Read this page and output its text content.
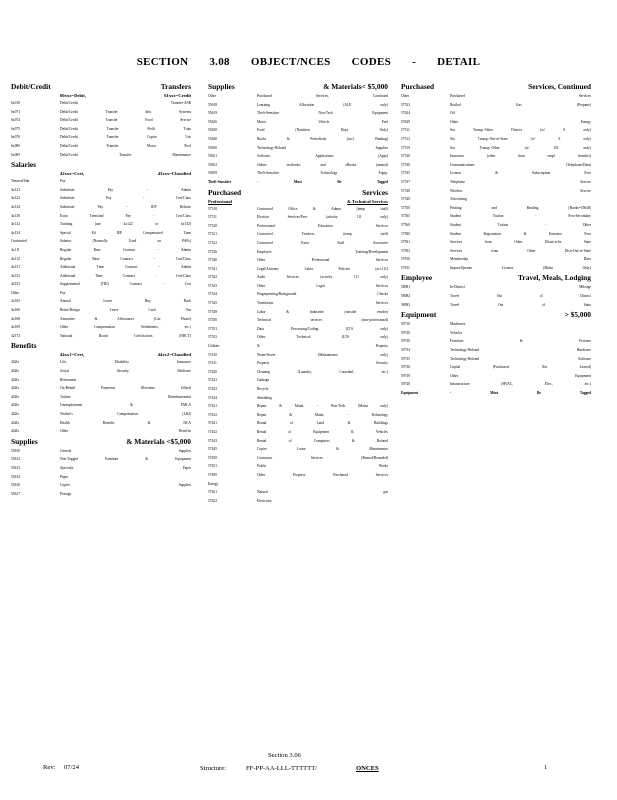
SECTION 3.08 OBJECT/NCES CODES - DETAIL
Debit/Credit	Transfers
60xxx=Debit,	61xxx=Credit
6x010	Debit/Credit	Transfer-ASB
6x071	Debit/Credit	Transfer	Info	Systems
6x074	Debit/Credit	Transfer	Food	Service
6x075	Debit/Credit	Transfer	Field	Trips
6x076	Debit/Credit	Transfer	Copier	Use
6x080	Debit/Credit	Transfer	Motor	Pool
6x085	Debit/Credit	Transfer	Maintenance
Salaries
42xxx=Cert,	43xxx=Classified
Tenured/Sub	Pay
4x121	Substitute	Pay	-	Admin
4x122	Substitute	Pay	-	Cert/Class
4x124	Substitute	Pay	-	IEP	Release
4x130	Extra	Term/and	Pay	-	Cert/Class
4x132	Training	(use	4x122	or	4x132)
4x134	Special	Ed	IEP	Compensated	Time
Contracted	Salaries	(Normally	Used	on	PAFs)
4x111	Regular	Base	Contract	-	Admin
4x112	Regular	Base	Contract	-	Cert/Class
4x151	Additional	Time	Contract	-	Admin
4x152	Additional	Time	Contract	-	Cert/Class
42153	Supplemental	(TRI)	Contract	-	Cert
Other	Pay
4x165	Annual	Leave	Buy	Back
4x166	Retire/Resign	Leave	Cash	Out
4x168	Amenities	&	Allowances	(Car,	Phone)
4x169	Other	Compensation	Settlements,	etc.)
42172	National	Board	Certification	(NBCT)
Benefits
44xx1=Cert,	44xx2=Classified
442lx	Life,	Disability	Insurance
442lx	Social	Security,	Medicare
442lx	Retirement
442lx	On-Behalf	Payments	(Revenue	Offset)
442lx	Tuition	Reimbursement
442lx	Unemployment	&	FMLA
442lx	Worker's	Compensation	(L&I)
442lx	Health	Benefits	&	HCA
442lx	Other	Benefits
Supplies	& Materials <$5,000
55610	General	Supplies
55612	Non-Tagged	Furniture	&	Equipment
55613	Specialty	Paper
55614	Paper
55616	Copier	Supplies
55617	Postage
Supplies	& Materials< $5,000
Other	Purchased	Services,	Continued
55618	Learning	Allocation	(ALE	only)
55619	Theft-Sensitive	Non-Tech	Equipment
55626	Motor	Vehicle	Fuel
55630	Food	(Nutrition	Dept.	Only)
55640	Books	&	Periodicals	(incl.	Binding)
55650	Technology-Related	Supplies
55651	Software,	Applications	(Apps)
55652	Online	textbooks	and	eBooks	(annual)
55659	Theft-Sensitive	Technology	Equip.
Theft-Sensitive	-	Must	Be	Tagged
Purchased	Services
Professional	& Technical Services
57310	Contracted	Office	&	Admin	(temp	staff)
57311	Election	Services/Fees	(activity	111	only)
57320	Professional	Education	Services
57321	Contracted	Teachers	(temp	staff)
57322	Contracted	Extra	Staff	Associates
57326	Employee	Training/Development
57340	Other	Professional	Services
57341	Legal/Attorney	Labor	Policies	(act.111)
57342	Audit	Services	(activity	111	only)
57343	Other	Legal	Services
57344	Fingerprinting/Background	Checks
57345	Translation	Services
57349	Labor	&	Industries	(outside	vendor)
57350	Technical	services	(non-professional)
57351	Data	Processing/Coding	(LTS	only)
57352	Other	Technical	(LTS	only)
Utilities	&	Property
57410	Water/Sewer	(Maintenance	only)
57411	Property	Security
57420	Cleaning	(Laundry,	Custodial,	etc.)
57421	Garbage
57423	Recycle
57424	Shredding
57431	Repair	&	Maint.	-	Non-Tech	(Maint	only)
57432	Repair	&	Maint.	-	Technology
57441	Rental	of	Land	&	Buildings
57442	Rental	of	Equipment	&	Vehicles
57443	Rental	of	Computers	&	Related
57445	Copier	Lease	&	Maintenance
57450	Contractor	Services	(Remod/Remodel)
57451	Public	Works
57490	Other	Property	Purchased	Services
Energy
57621	Natural	gas
57622	Electricity
Purchased	Services, Continued
Other	Purchased	Services
57523	Bottled	Gas	(Propane)
57624	Oil
57629	Other	Energy
57511	Stu	Transp.-Other	District	(w/	S	only)
57512	Stu	Transp.-Out-of-State	(w/	S	only)
57519	Stu	Transp.-Other	(w/	EE	only)
57520	Insurance	(other	than	empl.	benefits)
57530	Communications	(Telephone/Data)
57535	License	&	Subscription	Fees
57537	Telephone	Service
57538	Wireless	Service
57540	Advertising
57550	Printing	and	Binding	(Books=55640)
57565	Student	Tuition	-	Post-Secondary
57569	Student	Tuition	-	Other
57580	Student	Registration	&	Entrance	Fees
57591	Services	from	Other	Districts-In	State
57592	Services	from	Other	Distr-Out-of-State
57810	Membership	Dues
57811	Import/Operate	License	(Maint	Only)
Employee	Travel, Meals, Lodging
58081	In-District	Mileage
58082	Travel	Out	of	District
58083	Travel	Out	of	State
Equipment	> $5,000
59710	Machinery
59720	Vehicles
59730	Furniture	&	Fixtures
59734	Technology-Related	Hardware
59735	Technology-Related	Software
59736	Capital	(Purchased,	Not	Leased)
59739	Other	Equipment
59740	Infrastructure	(HVAC,	Elec.,	etc.)
Equipment	-	Must	Be	Tagged
Section 3.06
Rev: 07/24	Structure:	FF-PP-AA-LLL-TTTTTT/	ONCES	1
